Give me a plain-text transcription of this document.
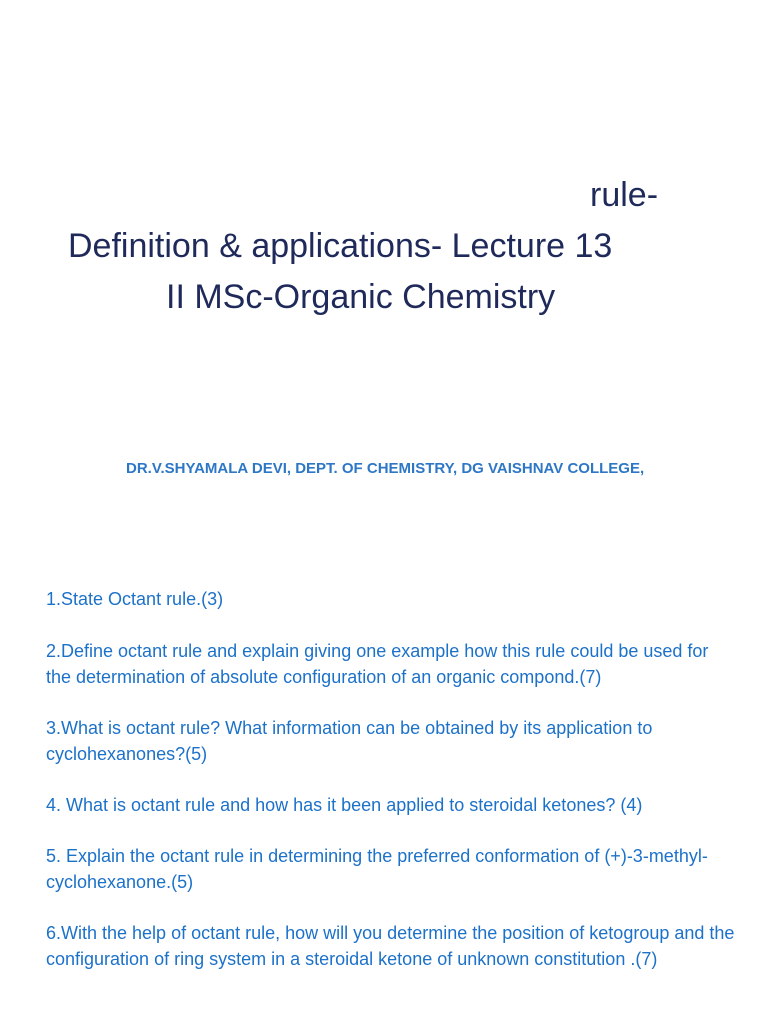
rule-
Definition & applications- Lecture 13
II MSc-Organic Chemistry
DR.V.SHYAMALA DEVI, DEPT. OF CHEMISTRY, DG VAISHNAV COLLEGE,

1.State Octant rule.(3)

2.Define octant rule and explain giving one example how this rule could be used for the determination of absolute configuration of an organic compond.(7)

3.What is octant rule? What information can be obtained by its application to cyclohexanones?(5)

4. What is octant rule and how has it been applied to steroidal ketones? (4)

5. Explain the octant rule in determining the preferred conformation of (+)-3-methyl-cyclohexanone.(5)

6.With the help of octant rule, how will you determine the position of ketogroup and the configuration of ring system in a steroidal ketone of unknown constitution .(7)
